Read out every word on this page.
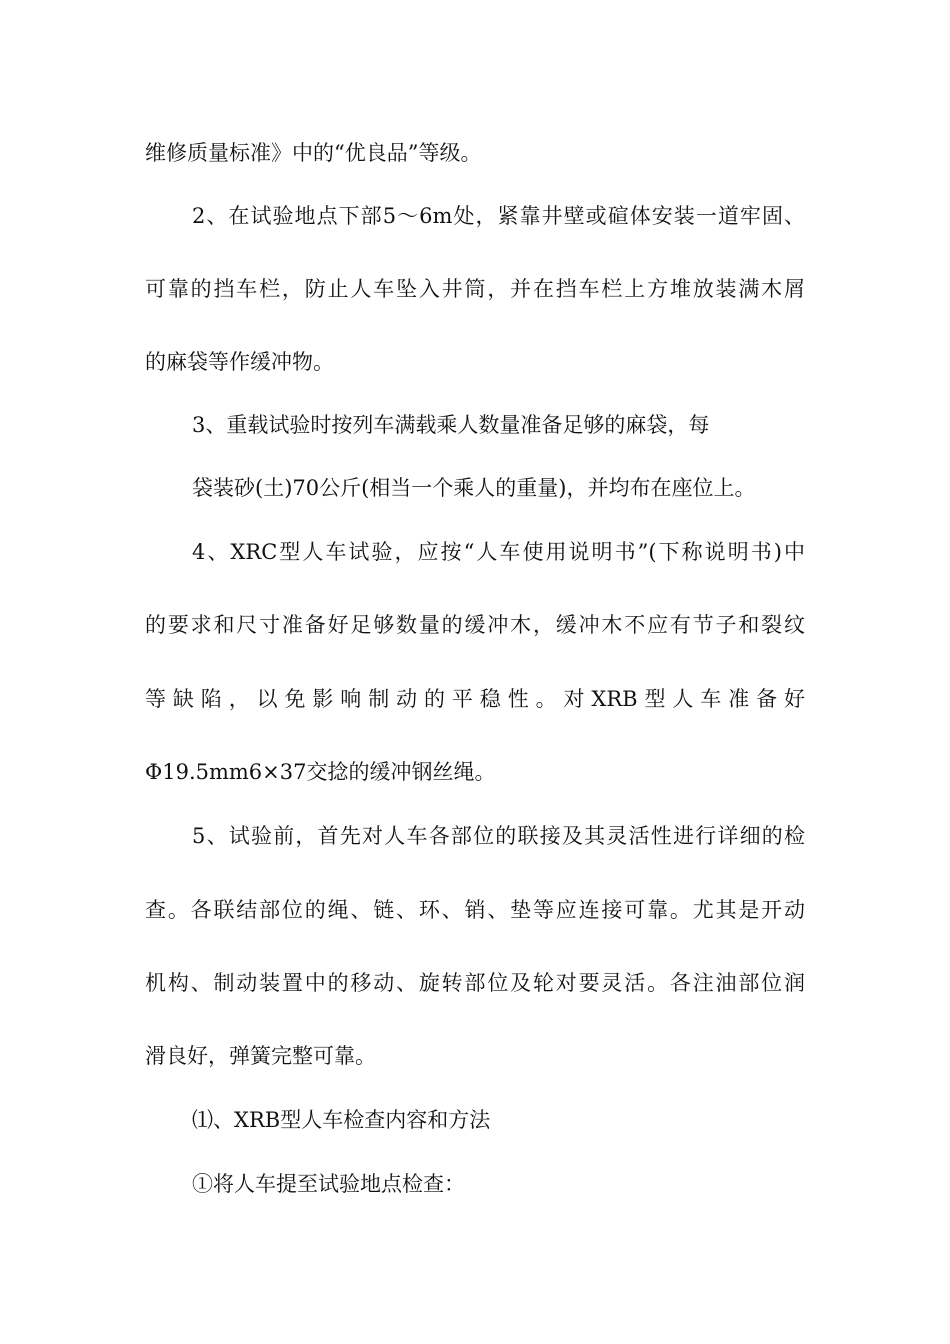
维修质量标准》中的“优良品”等级。
2、在试验地点下部5～6m处，紧靠井壁或碹体安装一道牢固、
可靠的挡车栏，防止人车坠入井筒，并在挡车栏上方堆放装满木屑
的麻袋等作缓冲物。
3、重载试验时按列车满载乘人数量准备足够的麻袋，每
袋装砂(土)70公斤(相当一个乘人的重量)，并均布在座位上。
4、XRC型人车试验，应按“人车使用说明书”(下称说明书)中
的要求和尺寸准备好足够数量的缓冲木，缓冲木不应有节子和裂纹
等缺陷，以免影响制动的平稳性。对XRB型人车准备好
Φ19.5mm6×37交捻的缓冲钢丝绳。
5、试验前，首先对人车各部位的联接及其灵活性进行详细的检
查。各联结部位的绳、链、环、销、垫等应连接可靠。尤其是开动
机构、制动装置中的移动、旋转部位及轮对要灵活。各注油部位润
滑良好，弹簧完整可靠。
⑴、XRB型人车检查内容和方法
①将人车提至试验地点检查：
